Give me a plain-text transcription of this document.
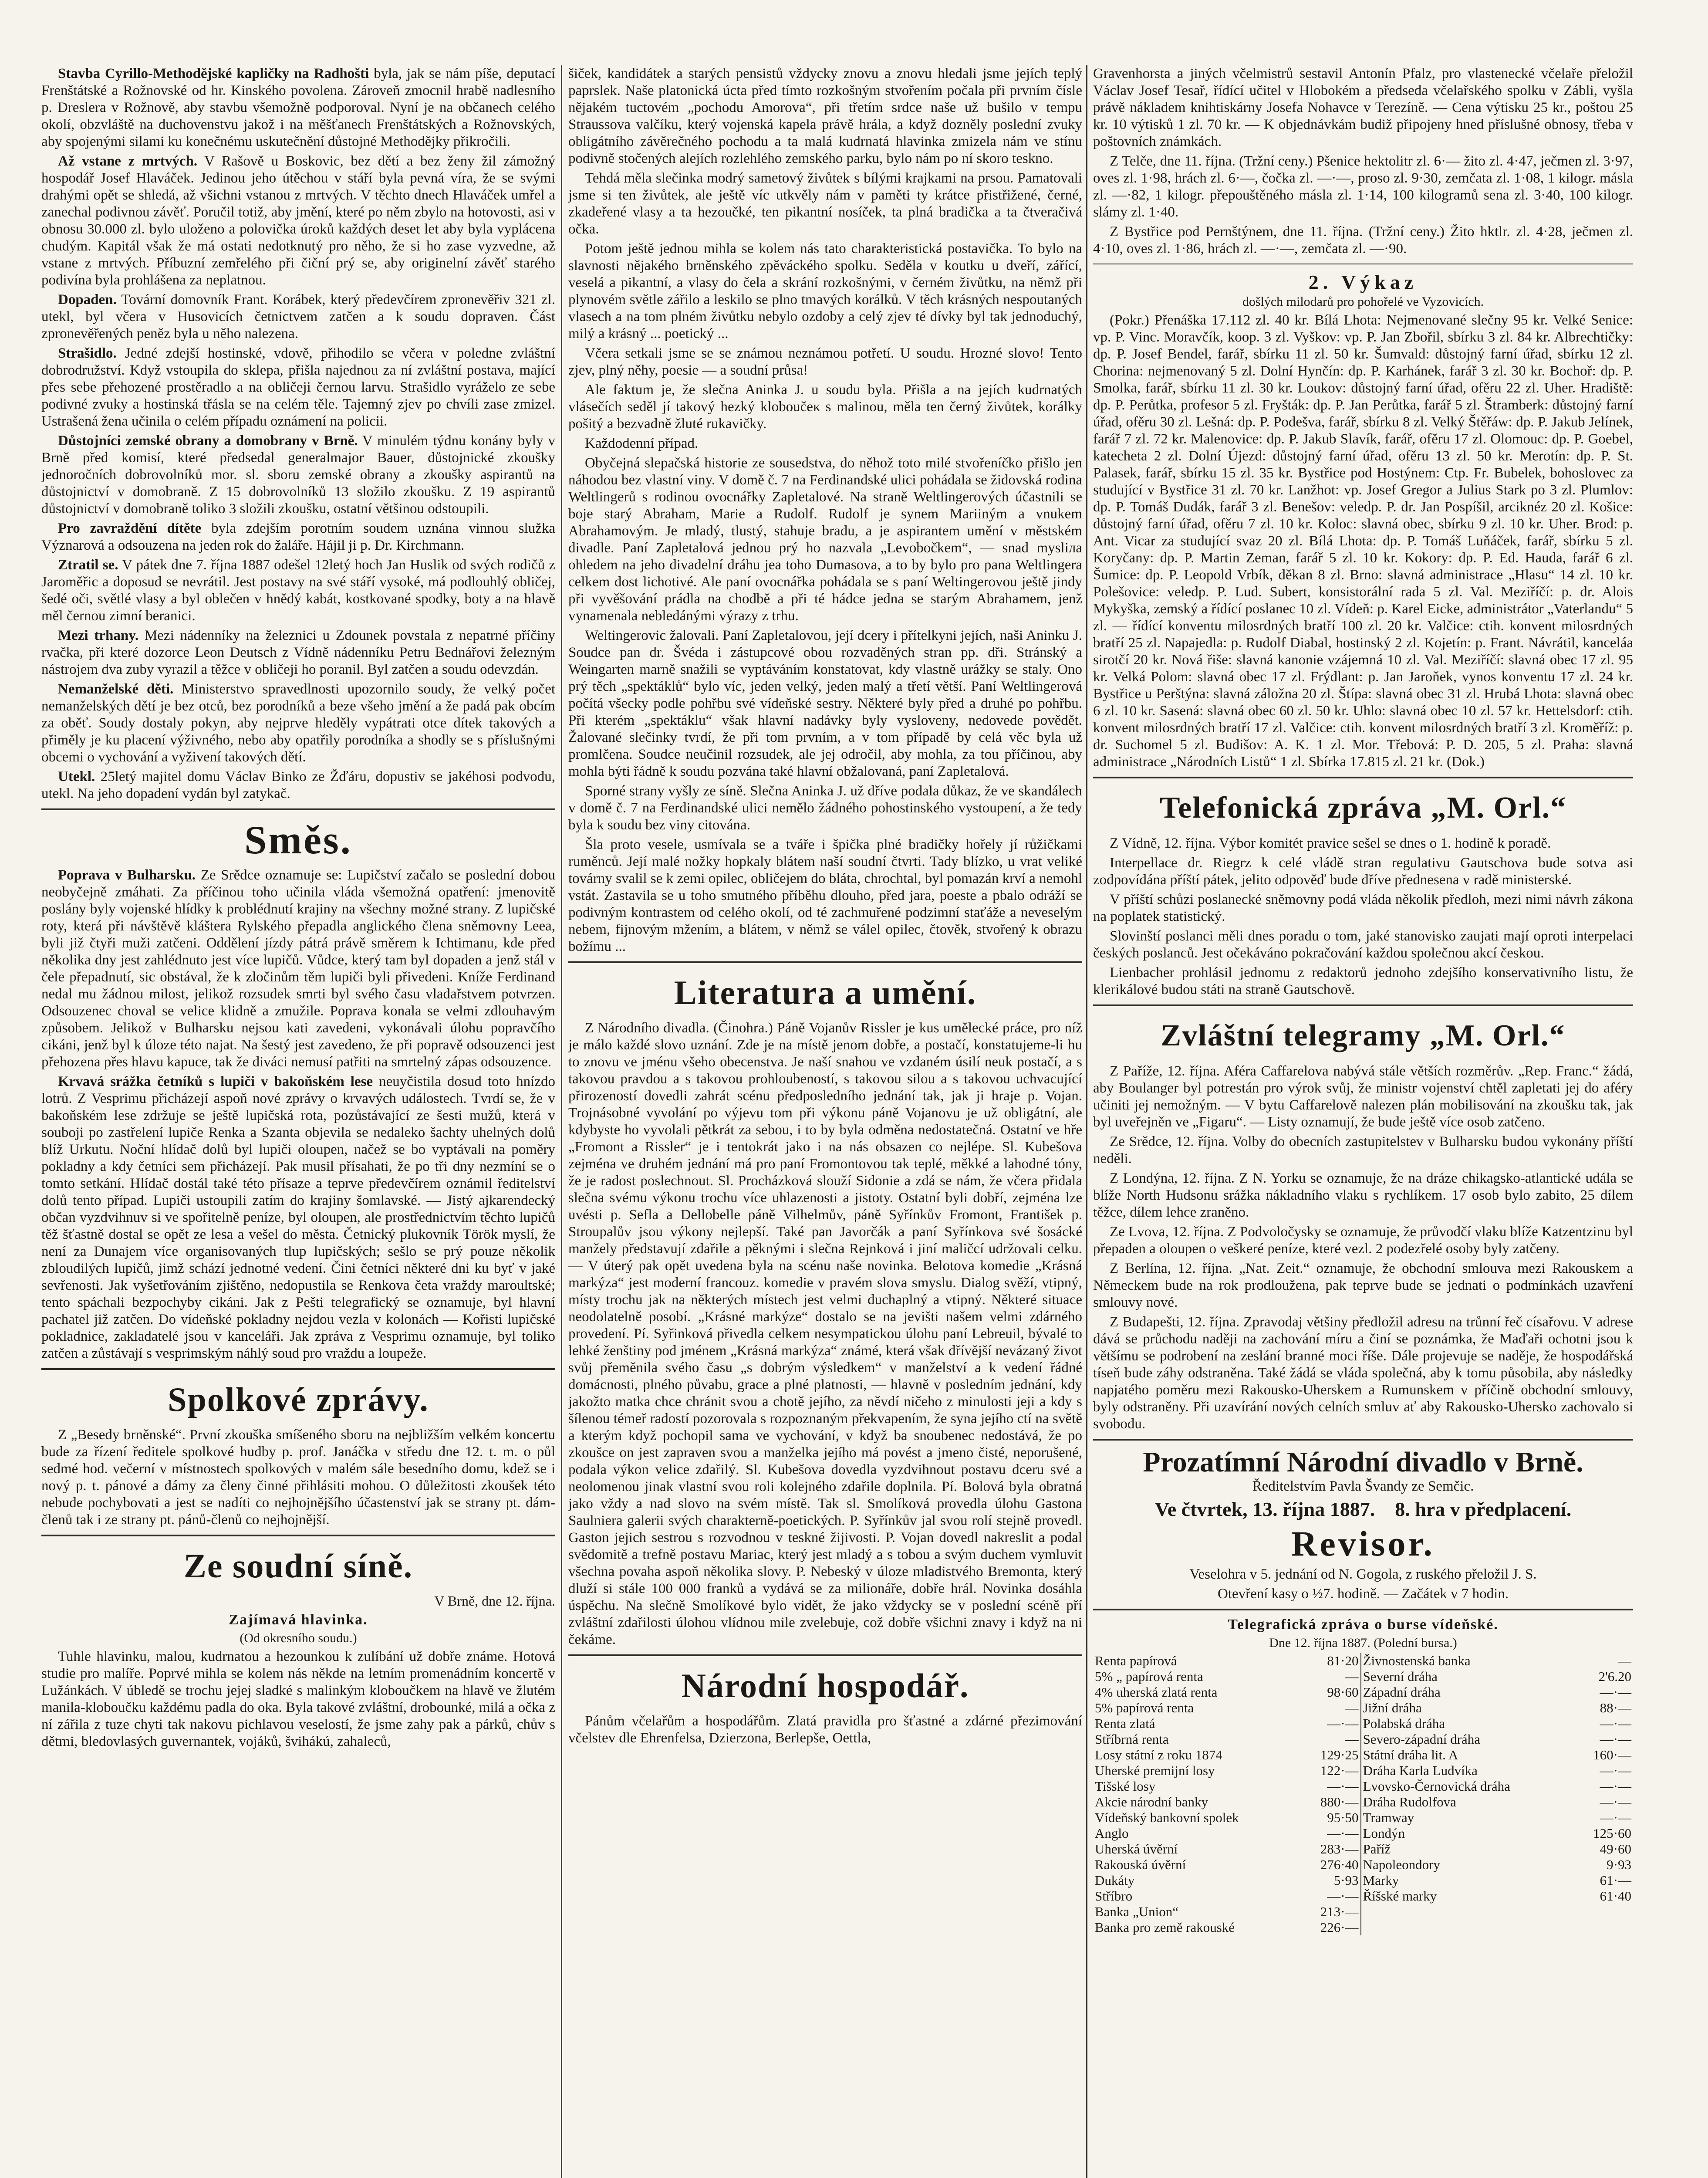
Stavba Cyrillo-Methodějské kapličky na Radhošti byla, jak se nám píše, deputací Frenštátské a Rožnovské od hr. Kinského povolena. Zároveň zmocnil hrabě nadlesního p. Dreslera v Rožnově, aby stavbu všemožně podporoval. Nyní je na občanech celého okolí, obzvláště na duchovenstvu jakož i na měšťanech Frenštátských a Rožnovských, aby spojenými silami ku konečnému uskutečnění důstojné Methodějky přikročili.

Až vstane z mrtvých. V Rašově u Boskovic, bez dětí a bez ženy žil zámožný hospodář Josef Hlaváček. Jedinou jeho útěchou v stáří byla pevná víra, že se svými drahými opět se shledá, až všichni vstanou z mrtvých. V těchto dnech Hlaváček umřel a zanechal podivnou závěť. Poručil totiž, aby jmění, které po něm zbylo na hotovosti, asi v obnosu 30.000 zl. bylo uloženo a polovička úroků každých deset let aby byla vyplácena chudým. Kapitál však že má ostati nedotknutý pro něho, že si ho zase vyzvedne, až vstane z mrtvých. Příbuzní zemřelého při čiční prý se, aby originelní závěť starého podivína byla prohlášena za neplatnou.

Dopaden. Tovární domovník Frant. Korábek, který předevčírem zpronevěřiv 321 zl. utekl, byl včera v Husovicích četnictvem zatčen a k soudu dopraven. Část zpronevěřených peněz byla u něho nalezena.

Strašidlo. Jedné zdejší hostinské, vdově, přihodilo se včera v poledne zvláštní dobrodružství. Když vstoupila do sklepa, přišla najednou za ní zvláštní postava, mající přes sebe přehozené prostěradlo a na obličeji černou larvu. Strašidlo vyráželo ze sebe podivné zvuky a hostinská třásla se na celém těle. Tajemný zjev po chvíli zase zmizel. Ustrašená žena učinila o celém případu oznámení na policii.

Důstojníci zemské obrany a domobrany v Brně. V minulém týdnu konány byly v Brně před komisí, které předsedal generalmajor Bauer, důstojnické zkoušky jednoročních dobrovolníků mor. sl. sboru zemské obrany a zkoušky aspirantů na důstojnictví v domobraně. Z 15 dobrovolníků 13 složilo zkoušku. Z 19 aspirantů důstojnictví v domobraně toliko 3 složili zkoušku, ostatní většinou odstoupili.

Pro zavraždění dítěte byla zdejším porotním soudem uznána vinnou služka Význarová a odsouzena na jeden rok do žaláře. Hájil ji p. Dr. Kirchmann.

Ztratil se. V pátek dne 7. října 1887 odešel 12letý hoch Jan Huslik od svých rodičů z Jaroměřic a doposud se nevrátil. Jest postavy na své stáří vysoké, má podlouhlý obličej, šedé oči, světlé vlasy a byl oblečen v hnědý kabát, kostkované spodky, boty a na hlavě měl černou zimní beranici.

Mezi trhany. Mezi nádenníky na železnici u Zdounek povstala z nepatrné příčiny rvačka, při které dozorce Leon Deutsch z Vídně nádenníku Petru Bednářovi železným nástrojem dva zuby vyrazil a těžce v obličeji ho poranil. Byl zatčen a soudu odevzdán.

Nemanželské děti. Ministerstvo spravedlnosti upozornilo soudy, že velký počet nemanželských dětí je bez otců, bez porodníků a beze všeho jmění a že padá pak obcím za oběť. Soudy dostaly pokyn, aby nejprve hleděly vypátrati otce dítek takových a přiměly je ku placení výživného, nebo aby opatřily porodníka a shodly se s příslušnými obcemi o vychování a vyživení takových dětí.

Utekl. 25letý majitel domu Václav Binko ze Žďáru, dopustiv se jakéhosi podvodu, utekl. Na jeho dopadení vydán byl zatykač.

Směs.

Poprava v Bulharsku. Ze Srědce oznamuje se: Lupičství začalo se poslední dobou neobyčejně zmáhati. Za příčinou toho učinila vláda všemožná opatření: jmenovitě poslány byly vojenské hlídky k problédnutí krajiny na všechny možné strany. Z lupičské roty, která při návštěvě kláštera Rylského přepadla anglického člena sněmovny Leea, byli již čtyři muži zatčeni. Oddělení jízdy pátrá právě směrem k Ichtimanu, kde před několika dny jest zahlédnuto jest více lupičů. Vůdce, který tam byl dopaden a jenž stál v čele přepadnutí, sic obstával, že k zločinům těm lupiči byli přivedeni. Kníže Ferdinand nedal mu žádnou milost, jelikož rozsudek smrti byl svého času vladařstvem potvrzen. Odsouzenec choval se velice klidně a zmužile. Poprava konala se velmi zdlouhavým způsobem. Jelikož v Bulharsku nejsou kati zavedeni, vykonávali úlohu popravčího cikáni, jenž byl k úloze této najat. Na šestý jest zavedeno, že při popravě odsouzenci jest přehozena přes hlavu kapuce, tak že diváci nemusí patřiti na smrtelný zápas odsouzence.

Krvavá srážka četníků s lupiči v bakoňském lese neuyčistila dosud toto hnízdo lotrů. Z Vesprimu přicházejí aspoň nové zprávy o krvavých událostech. Tvrdí se, že v bakoňském lese zdržuje se ještě lupičská rota, pozůstávající ze šesti mužů, která v souboji po zastřelení lupiče Renka a Szanta objevila se nedaleko šachty uhelných dolů blíž Urkutu. Noční hlídač dolů byl lupiči oloupen, načež se bo vyptávali na poměry pokladny a kdy četníci sem přicházejí. Pak musil přísahati, že po tři dny nezmíní se o tomto setkání. Hlídač dostál také této přísaze a teprve předevčírem oznámil ředitelství dolů tento případ. Lupiči ustoupili zatím do krajiny šomlavské. — Jistý ajkarendecký občan vyzdvihnuv si ve spořitelně peníze, byl oloupen, ale prostřednictvím těchto lupičů těž šťastně dostal se opět ze lesa a vešel do města. Četnický plukovník Török myslí, že není za Dunajem více organisovaných tlup lupičských; sešlo se prý pouze několik zbloudilých lupičů, jimž schází jednotné vedení. Čini četníci některé dni ku byť v jaké sevřenosti. Jak vyšetřováním zjištěno, nedopustila se Renkova četa vraždy maroultské; tento spáchali bezpochyby cikáni. Jak z Pešti telegrafický se oznamuje, byl hlavní pachatel již zatčen. Do vídeňské pokladny nejdou vezla v kolonách — Kořisti lupičské pokladnice, zakladatelé jsou v kanceláři. Jak zpráva z Vesprimu oznamuje, byl toliko zatčen a zůstávají s vesprimským náhlý soud pro vraždu a loupeže.

Spolkové zprávy.

Z „Besedy brněnské“. První zkouška smíšeného sboru na nejbližším velkém koncertu bude za řízení ředitele spolkové hudby p. prof. Janáčka v středu dne 12. t. m. o půl sedmé hod. večerní v místnostech spolkových v malém sále besedního domu, kdež se i nový p. t. pánové a dámy za členy činné přihlásiti mohou. O důležitosti zkoušek této nebude pochybovati a jest se nadíti co nejhojnějšího účastenství jak se strany pt. dám-členů tak i ze strany pt. pánů-členů co nejhojnější.

Ze soudní síně.
V Brně, dne 12. října.
Zajímavá hlavinka.
(Od okresního soudu.)

Tuhle hlavinku, malou, kudrnatou a hezounkou k zulíbání už dobře známe. Hotová studie pro malíře. Poprvé mihla se kolem nás někde na letním promenádním koncertě v Lužánkách. V úbledě se trochu jejej sladké s malinkým kloboučkem na hlavě ve žlutém manila-kloboučku každému padla do oka. Byla takové zvláštní, drobounké, milá a očka z ní zářila z tuze chyti tak nakovu pichlavou veselostí, že jsme zahy pak a párků, chův s dětmi, bledovlasých guvernantek, vojáků, švihákú, zahaleců,

šiček, kandidátek a starých pensistů vždycky znovu a znovu hledali jsme jejích teplý paprslek. Naše platonická úcta před tímto rozkošným stvořením počala při prvním čísle nějakém tuctovém „pochodu Amorova“, při třetím srdce naše už bušilo v tempu Straussova valčíku, který vojenská kapela právě hrála, a když dozněly poslední zvuky obligátního závěrečného pochodu a ta malá kudrnatá hlavinka zmizela nám ve stínu podivně stočených alejích rozlehlého zemského parku, bylo nám po ní skoro teskno.

Tehdá měla slečinka modrý sametový živůtek s bílými krajkami na prsou. Pamatovali jsme si ten živůtek, ale ještě víc utkvěly nám v paměti ty krátce přistřižené, černé, zkadeřené vlasy a ta hezoučké, ten pikantní nosíček, ta plná bradička a ta čtveračivá očka.

Potom ještě jednou mihla se kolem nás tato charakteristická postavička. To bylo na slavnosti nějakého brněnského zpěváckého spolku. Seděla v koutku u dveří, zářící, veselá a pikantní, a vlasy do čela a skrání rozkošnými, v černém živůtku, na němž při plynovém světle zářilo a leskilo se plno tmavých korálků. V těch krásných nespoutaných vlasech a na tom plném živůtku nebylo ozdoby a celý zjev té dívky byl tak jednoduchý, milý a krásný ... poetický ...

Včera setkali jsme se se známou neznámou potřetí. U soudu. Hrozné slovo! Tento zjev, plný něhy, poesie — a soudní průsa!

Ale faktum je, že slečna Aninka J. u soudu byla. Přišla a na jejích kudrnatých vlásečích seděl jí takový hezký kloboučeк s malinou, měla ten černý živůtek, korálky pošitý a bezvadně žluté rukavičky.

Každodenní případ.

Obyčejná slepačská historie ze sousedstva, do něhož toto milé stvořeníčko přišlo jen náhodou bez vlastní viny. V domě č. 7 na Ferdinandské ulici pohádala se židovská rodina Weltlingerů s rodinou ovocnářky Zapletalové. Na straně Weltlingerových účastnili se boje starý Abraham, Marie a Rudolf. Rudolf je synem Mariiným a vnukem Abrahamovým. Je mladý, tlustý, stahuje bradu, a je aspirantem umění v městském divadle. Paní Zapletalová jednou prý ho nazvala „Levobočkem“, — snad mysliла ohledem na jeho divadelní dráhu jea toho Dumasova, a to by bylo pro pana Weltlingera celkem dost lichotivé. Ale paní ovocnářka pohádala se s paní Weltingerovou ještě jindy při vyvěšování prádla na chodbě a při té hádce jedna se starým Abrahamem, jenž vynamenala nebledánými výrazy z trhu.

Weltingerovic žalovali. Paní Zapletalovou, její dcery i přítelkyni jejích, naši Aninku J. Soudce pan dr. Švéda i zástupcové obou rozvaděných stran pp. dři. Stránský a Weingarten marně snažili se vyptáváním konstatovat, kdy vlastně urážky se staly. Ono prý těch „spektáklů“ bylo víc, jeden velký, jeden malý a třetí větší. Paní Weltlingerová počítá všecky podle pohřbu své vídeňské sestry. Některé byly před a druhé po pohřbu. Při kterém „spektáklu“ však hlavní nadávky byly vysloveny, nedovede povědět. Žalované slečinky tvrdí, že při tom prvním, a v tom případě by celá věc byla už promlčena. Soudce neučinil rozsudek, ale jej odročil, aby mohla, za tou příčinou, aby mohla býti řádně k soudu pozvána také hlavní obžalovaná, paní Zapletalová.

Sporné strany vyšly ze síně. Slečna Aninka J. už dříve podala důkaz, že ve skandálech v domě č. 7 na Ferdinandské ulici nemělo žádného pohostinského vystoupení, a že tedy byla k soudu bez viny citována.

Šla proto vesele, usmívala se a tváře i špička plné bradičky hořely jí růžičkami ruměnců. Její malé nožky hopkaly blátem naší soudní čtvrti. Tady blízko, u vrat veliké továrny svalil se k zemi opilec, obličejem do bláta, chrochtal, byl pomazán krví a nemohl vstát. Zastavila se u toho smutného příběhu dlouho, před jara, poeste a pbalo odráží se podivným kontrastem od celého okolí, od té zachmuřené podzimní staťáže a neveselým nebem, fijnovým mžením, a blátem, v němž se válel opilec, čtověk, stvořený k obrazu božímu ...

Literatura a umění.

Z Národního divadla. (Činohra.) Páně Vojanův Rissler je kus umělecké práce, pro níž je málo každé slovo uznání. Zde je na místě jenom dobře, a postačí, konstatujeme-li hu to znovu ve jménu všeho obecenstva. Je naší snahou ve vzdaném úsilí neuk postačí, a s takovou pravdou a s takovou prohloubeností, s takovou silou a s takovou uchvacující přirozeností dovedli zahrát scénu předposledního jednání tak, jak ji hraje p. Vojan. Trojnásobné vyvolání po výjevu tom při výkonu páně Vojanovu je už obligátní, ale kdybyste ho vyvolali pětkrát za sebou, i to by byla odměna nedostatečná. Ostatní ve hře „Fromont a Rissler“ je i tentokrát jako i na nás obsazen co nejlépe. Sl. Kubešova zejména ve druhém jednání má pro paní Fromontovou tak teplé, měkké a lahodné tóny, že je radost poslechnout. Sl. Procházková slouží Sidonie a zdá se nám, že včera přidala slečna svému výkonu trochu více uhlazenosti a jistoty. Ostatní byli dobří, zejména lze uvésti p. Sefla a Dellobelle páně Vilhelmův, páně Syřínkův Fromont, František p. Stroupalův jsou výkony nejlepší. Také pan Javorčák a paní Syřínkova své šosácké manžely představují zdařile a pěknými i slečna Rejnková i jiní maličcí udržovali celku. — V úterý pak opět uvedena byla na scénu naše novinka. Belotova komedie „Krásná markýza“ jest moderní francouz. komedie v pravém slova smyslu. Dialog svěží, vtipný, místy trochu jak na některých místech jest velmi duchaplný a vtipný. Některé situace neodolatelně posobí. „Krásné markýze“ dostalo se na jevišti našem velmi zdárného provedení. Pí. Syřinková přivedla celkem nesympatickou úlohu paní Lebreuil, bývalé to lehké ženštiny pod jménem „Krásná markýza“ známé, která však dřívější nevázaný život svůj přeměnila svého času „s dobrým výsledkem“ v manželství a k vedení řádné domácnosti, plného půvabu, grace a plné platnosti, — hlavně v posledním jednání, kdy jakožto matka chce chránit svou a chotě jejího, za něvdí ničeho z minulosti jeji a kdy s šílenou témeř radostí pozorovala s rozpoznaným překvapením, že syna jejího ctí na světě a kterým když pochopil sama ve vychování, v když ba snoubenec nedostává, že po zkoušce on jest zapraven svou a manželka jejího má povést a jmeno čisté, neporušené, podala výkon velice zdařilý. Sl. Kubešova dovedla vyzdvihnout postavu dceru své a neolomenou jinak vlastní svou roli kolejného zdařile doplnila. Pí. Bolová byla obratná jako vždy a nad slovo na svém místě. Tak sl. Smolíková provedla úlohu Gastona Saulniera galerii svých charakterně-poetických. P. Syřínkův jal svou rolí stejně provedl. Gaston jejich sestrou s rozvodnou v teskné žijivosti. P. Vojan dovedl nakreslit a podal svědomitě a trefně postavu Mariac, který jest mladý a s tobou a svým duchem vymluvit všechna povaha aspoň několika slovy. P. Nebeský v úloze mladistvého Bremonta, který dluží si stále 100 000 franků a vydává se za milionáře, dobře hrál. Novinka dosáhla úspěchu. Na slečně Smolíkové bylo vidět, že jako vždycky se v poslední scéně pří zvláštní zdařilosti úlohou vlídnou mile zvelebuje, což dobře všichni znavy i když na ni čekáme.

Národní hospodář.

Pánům včelařům a hospodářům. Zlatá pravidla pro šťastné a zdárné přezimování včelstev dle Ehrenfelsa, Dzierzona, Berlepše, Oettla,

Gravenhorsta a jiných včelmistrů sestavil Antonín Pfalz, pro vlastenecké včelaře přeložil Václav Josef Tesař, řídící učitel v Hlobokém a předseda včelařského spolku v Zábli, vyšla právě nákladem knihtiskárny Josefa Nohavce v Terezíně. — Cena výtisku 25 kr., poštou 25 kr. 10 výtisků 1 zl. 70 kr. — K objednávkám budiž připojeny hned příslušné obnosy, třeba v poštovních známkách.

Z Telče, dne 11. října. (Tržní ceny.) Pšenice hektolitr zl. 6·— žito zl. 4·47, ječmen zl. 3·97, oves zl. 1·98, hrách zl. 6·—, čočka zl. —·—, proso zl. 9·30, zemčata zl. 1·08, 1 kilogr. másla zl. —·82, 1 kilogr. přepouštěného másla zl. 1·14, 100 kilogramů sena zl. 3·40, 100 kilogr. slámy zl. 1·40.

Z Bystřice pod Pernštýnem, dne 11. října. (Tržní ceny.) Žito hktlr. zl. 4·28, ječmen zl. 4·10, oves zl. 1·86, hrách zl. —·—, zemčata zl. —·90.

2. Výkaz
došlých milodarů pro pohořelé ve Vyzovicích.

(Pokr.) Přenáška 17.112 zl. 40 kr. Bílá Lhota: Nejmenované slečny 95 kr. Velké Senice: vp. P. Vinc. Moravčík, koop. 3 zl. Vyškov: vp. P. Jan Zbořil, sbírku 3 zl. 84 kr. Albrechtičky: dp. P. Josef Bendel, farář, sbírku 11 zl. 50 kr. Šumvald: důstojný farní úřad, sbírku 12 zl. Chorina: nejmenovaný 5 zl. Dolní Hynčín: dp. P. Karhánek, farář 3 zl. 30 kr. Bochoř: dp. P. Smolka, farář, sbírku 11 zl. 30 kr. Loukov: důstojný farní úřad, ofěru 22 zl. Uher. Hradiště: dp. P. Perůtka, profesor 5 zl. Fryšták: dp. P. Jan Perůtka, farář 5 zl. Štramberk: důstojný farní úřad, ofěru 30 zl. Lešná: dp. P. Podešva, farář, sbírku 8 zl. Velký Štěřáw: dp. P. Jakub Jelínek, farář 7 zl. 72 kr. Malenovice: dp. P. Jakub Slavík, farář, ofěru 17 zl. Olomouc: dp. P. Goebel, katecheta 2 zl. Dolní Újezd: důstojný farní úřad, ofěru 13 zl. 50 kr. Merotín: dp. P. St. Palasek, farář, sbírku 15 zl. 35 kr. Bystřice pod Hostýnem: Ctp. Fr. Bubelek, bohoslovec za studující v Bystřice 31 zl. 70 kr. Lanžhot: vp. Josef Gregor a Julius Stark po 3 zl. Plumlov: dp. P. Tomáš Dudák, farář 3 zl. Benešov: veledp. P. dr. Jan Pospíšil, arciknéz 20 zl. Košice: důstojný farní úřad, ofěru 7 zl. 10 kr. Koloc: slavná obec, sbírku 9 zl. 10 kr. Uher. Brod: p. Ant. Vicar za studující svaz 20 zl. Bílá Lhota: dp. P. Tomáš Luňáček, farář, sbírku 5 zl. Koryčany: dp. P. Martin Zeman, farář 5 zl. 10 kr. Kokory: dp. P. Ed. Hauda, farář 6 zl. Šumice: dp. P. Leopold Vrbík, děkan 8 zl. Brno: slavná administrace „Hlasu“ 14 zl. 10 kr. Polešovice: veledp. P. Lud. Subert, konsistorální rada 5 zl. Val. Meziříčí: p. dr. Alois Mykyška, zemský a řídící poslanec 10 zl. Vídeň: p. Karel Eicke, administrátor „Vaterlandu“ 5 zl. — řídící konventu milosrdných bratří 100 zl. 20 kr. Valčice: ctih. konvent milosrdných bratří 25 zl. Napajedla: p. Rudolf Diabal, hostinský 2 zl. Kojetín: p. Frant. Návrátil, kanceláa sirotčí 20 kr. Nová řiše: slavná kanonie vzájemná 10 zl. Val. Meziříčí: slavná obec 17 zl. 95 kr. Velká Polom: slavná obec 17 zl. Frýdlant: p. Jan Jaroňek, vynos konventu 17 zl. 24 kr. Bystřice u Perštýna: slavná záložna 20 zl. Štípa: slavná obec 31 zl. Hrubá Lhota: slavná obec 6 zl. 10 kr. Sasená: slavná obec 60 zl. 50 kr. Uhlo: slavná obec 10 zl. 57 kr. Hettelsdorf: ctih. konvent milosrdných bratří 17 zl. Valčice: ctih. konvent milosrdných bratří 3 zl. Kroměříž: p. dr. Suchomel 5 zl. Budišov: A. K. 1 zl. Mor. Třebová: P. D. 205, 5 zl. Praha: slavná administrace „Národních Listů“ 1 zl. Sbírka 17.815 zl. 21 kr. (Dok.)

Telefonická zpráva „M. Orl.“

Z Vídně, 12. října. Výbor komitét pravice sešel se dnes o 1. hodině k poradě.

Interpellace dr. Riegrz k celé vládě stran regulativu Gautschova bude sotva asi zodpovídána příští pátek, jelito odpověď bude dříve přednesena v radě ministerské.

V příští schůzi poslanecké sněmovny podá vláda několik předloh, mezi nimi návrh zákona na poplatek statistický.

Slovinští poslanci měli dnes poradu o tom, jaké stanovisko zaujati mají oproti interpelaci českých poslanců. Jest očekáváno pokračování každou společnou akcí českou.

Lienbacher prohlásil jednomu z redaktorů jednoho zdejšího konservativního listu, že klerikálové budou státi na straně Gautschově.

Zvláštní telegramy „M. Orl.“

Z Paříže, 12. října. Aféra Caffarelova nabývá stále větších rozměrův. „Rep. Franc.“ žádá, aby Boulanger byl potrestán pro výrok svůj, že ministr vojenství chtěl zapletati jej do aféry učiniti jej nemožným. — V bytu Caffarelově nalezen plán mobilisování na zkoušku tak, jak byl uveřejněn ve „Figaru“. — Listy oznamují, že bude ještě více osob zatčeno.

Ze Srědce, 12. října. Volby do obecních zastupitelstev v Bulharsku budou vykonány příští neděli.

Z Londýna, 12. října. Z N. Yorku se oznamuje, že na dráze chikagsko-atlantické udála se blíže North Hudsonu srážka nákladního vlaku s rychlíkem. 17 osob bylo zabito, 25 dílem těžce, dílem lehce zraněno.

Ze Lvova, 12. října. Z Podvoločysky se oznamuje, že průvodčí vlaku blíže Katzentzinu byl přepaden a oloupen o veškeré peníze, které vezl. 2 podezřelé osoby byly zatčeny.

Z Berlína, 12. října. „Nat. Zeit.“ oznamuje, že obchodní smlouva mezi Rakouskem a Německem bude na rok prodloužena, pak teprve bude se jednati o podmínkách uzavření smlouvy nové.

Z Budapešti, 12. října. Zpravodaj většiny předložil adresu na trůnní řeč císařovu. V adrese dává se průchodu naději na zachování míru a činí se poznámka, že Maďaři ochotni jsou k většímu se podrobení na zeslání branné moci říše. Dále projevuje se naděje, že hospodářská tíseň bude záhy odstraněna. Také žádá se vláda společná, aby k tomu působila, aby následky napjatého poměru mezi Rakousko-Uherskem a Rumunskem v příčině obchodní smlouvy, byly odstraněny. Při uzavírání nových celních smluv ať aby Rakousko-Uhersko zachovalo si svobodu.

Prozatímní Národní divadlo v Brně.

Ředitelstvím Pavla Švandy ze Semčic.

Ve čtvrtek, 13. října 1887. 8. hra v předplacení.
Revisor.

Veselohra v 5. jednání od N. Gogola, z ruského přeložil J. S.

Otevření kasy o ½7. hodině. — Začátek v 7 hodin.

Telegrafická zpráva o burse vídeňské.
Dne 12. října 1887. (Polední bursa.)
Renta papírová	81·20	Živnostenská banka	—
5% „ papírová renta	—	Severní dráha	2'6.20
4% uherská zlatá renta	98·60	Západní dráha	—·—
5% papírová renta	—	Jižní dráha	88·—
Renta zlatá	—·—	Polabská dráha	—·—
Stříbrná renta	—	Severo-západní dráha	—·—
Losy státní z roku 1874	129·25	Státní dráha lit. A	160·—
Uherské premijní losy	122·—	Dráha Karla Ludvíka	—·—
Tišské losy	—·—	Lvovsko-Černovická dráha	—·—
Akcie národní banky	880·—	Dráha Rudolfova	—·—
Vídeňský bankovní spolek	95·50	Tramway	—·—
Anglo	—·—	Londýn	125·60
Uherská úvěrní	283·—	Paříž	49·60
Rakouská úvěrní	276·40	Napoleondory	9·93
Dukáty	5·93	Marky	61·—
Stříbro	—·—	Říšské marky	61·40
Banka „Union“	213·—		
Banka pro země rakouské	226·—		
